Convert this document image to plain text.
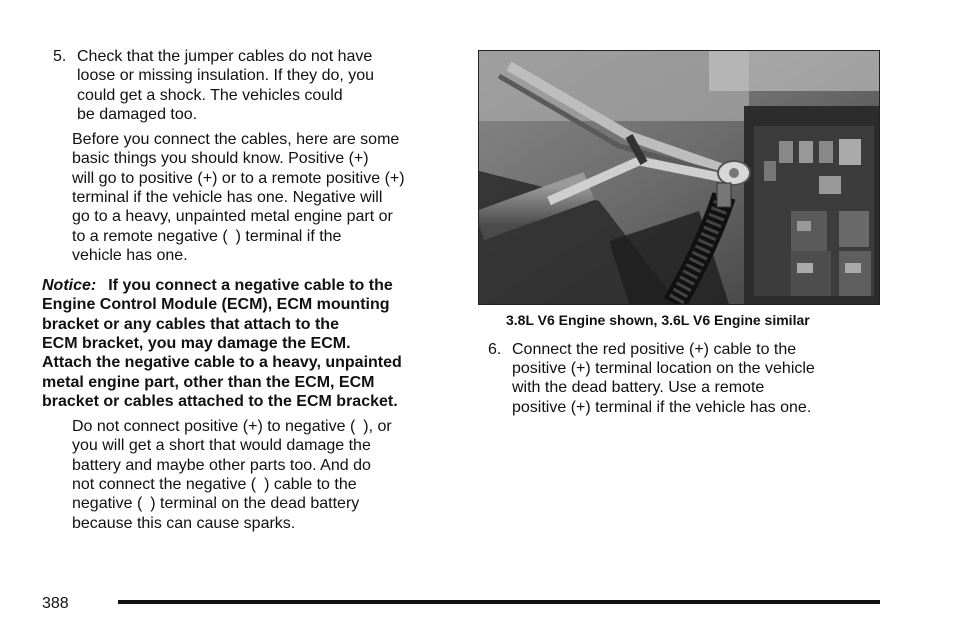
5. Check that the jumper cables do not have
loose or missing insulation. If they do, you
could get a shock. The vehicles could
be damaged too.
Before you connect the cables, here are some
basic things you should know. Positive (+)
will go to positive (+) or to a remote positive (+)
terminal if the vehicle has one. Negative will
go to a heavy, unpainted metal engine part or
to a remote negative ( ) terminal if the
vehicle has one.
Notice: If you connect a negative cable to the
Engine Control Module (ECM), ECM mounting
bracket or any cables that attach to the
ECM bracket, you may damage the ECM.
Attach the negative cable to a heavy, unpainted
metal engine part, other than the ECM, ECM
bracket or cables attached to the ECM bracket.
Do not connect positive (+) to negative ( ), or
you will get a short that would damage the
battery and maybe other parts too. And do
not connect the negative ( ) cable to the
negative ( ) terminal on the dead battery
because this can cause sparks.
3.8L V6 Engine shown, 3.6L V6 Engine similar
6. Connect the red positive (+) cable to the
positive (+) terminal location on the vehicle
with the dead battery. Use a remote
positive (+) terminal if the vehicle has one.
388
